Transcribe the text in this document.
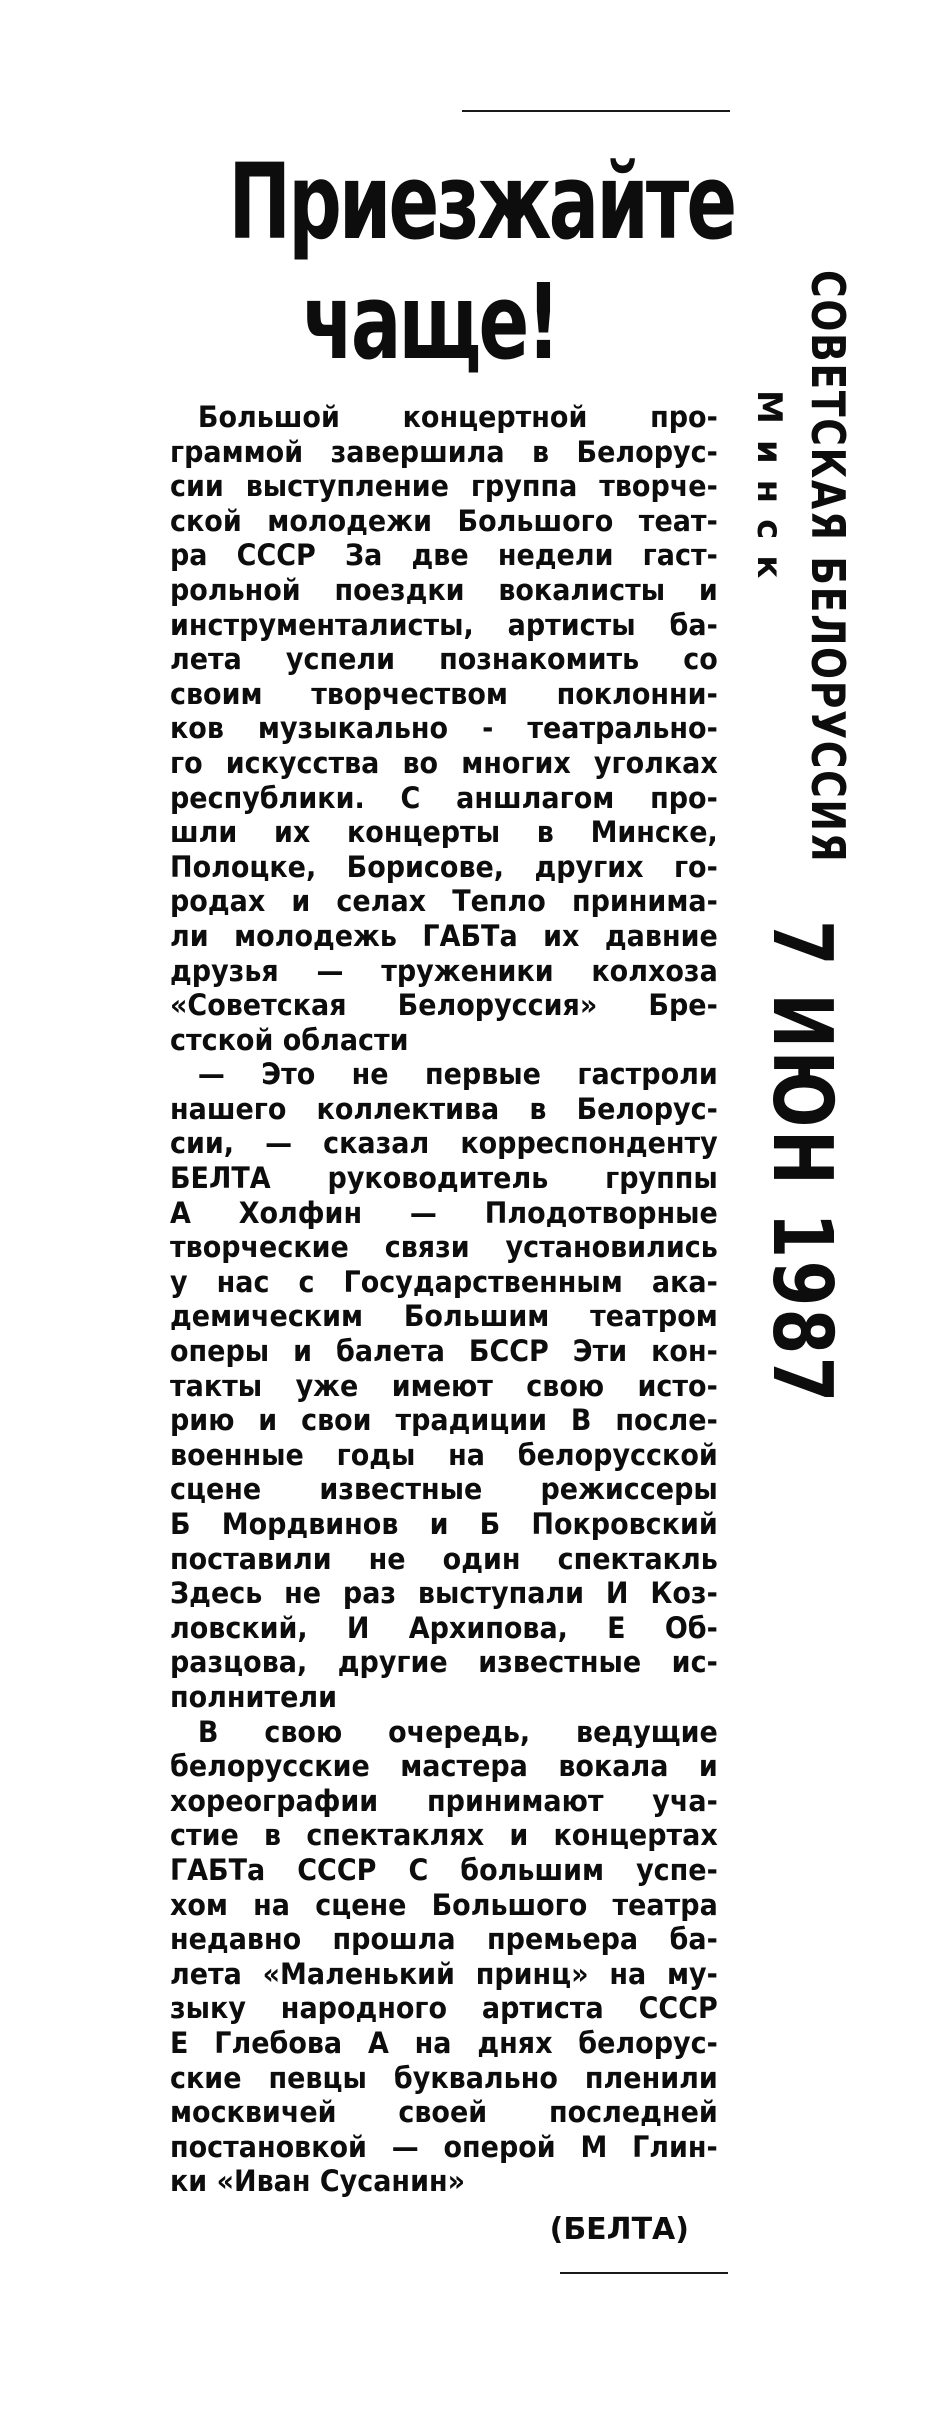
Приезжайте
чаще!
Большой концертной про-
граммой завершила в Белорус-
сии выступление группа творче-
ской молодежи Большого теат-
ра СССР За две недели гаст-
рольной поездки вокалисты и
инструменталисты, артисты ба-
лета успели познакомить со
своим творчеством поклонни-
ков музыкально - театрально-
го искусства во многих уголках
республики. С аншлагом про-
шли их концерты в Минске,
Полоцке, Борисове, других го-
родах и селах Тепло принима-
ли молодежь ГАБТа их давние
друзья — труженики колхоза
«Советская Белоруссия» Бре-
стской области
— Это не первые гастроли
нашего коллектива в Белорус-
сии, — сказал корреспонденту
БЕЛТА руководитель группы
А Холфин — Плодотворные
творческие связи установились
у нас с Государственным ака-
демическим Большим театром
оперы и балета БССР Эти кон-
такты уже имеют свою исто-
рию и свои традиции В после-
военные годы на белорусской
сцене известные режиссеры
Б Мордвинов и Б Покровский
поставили не один спектакль
Здесь не раз выступали И Коз-
ловский, И Архипова, Е Об-
разцова, другие известные ис-
полнители
В свою очередь, ведущие
белорусские мастера вокала и
хореографии принимают уча-
стие в спектаклях и концертах
ГАБТа СССР С большим успе-
хом на сцене Большого театра
недавно прошла премьера ба-
лета «Маленький принц» на му-
зыку народного артиста СССР
Е Глебова А на днях белорус-
ские певцы буквально пленили
москвичей своей последней
постановкой — оперой М Глин-
ки «Иван Сусанин»
(БЕЛТА)
СОВЕТСКАЯ БЕЛОРУССИЯ
Минск
7 ИЮН 1987
